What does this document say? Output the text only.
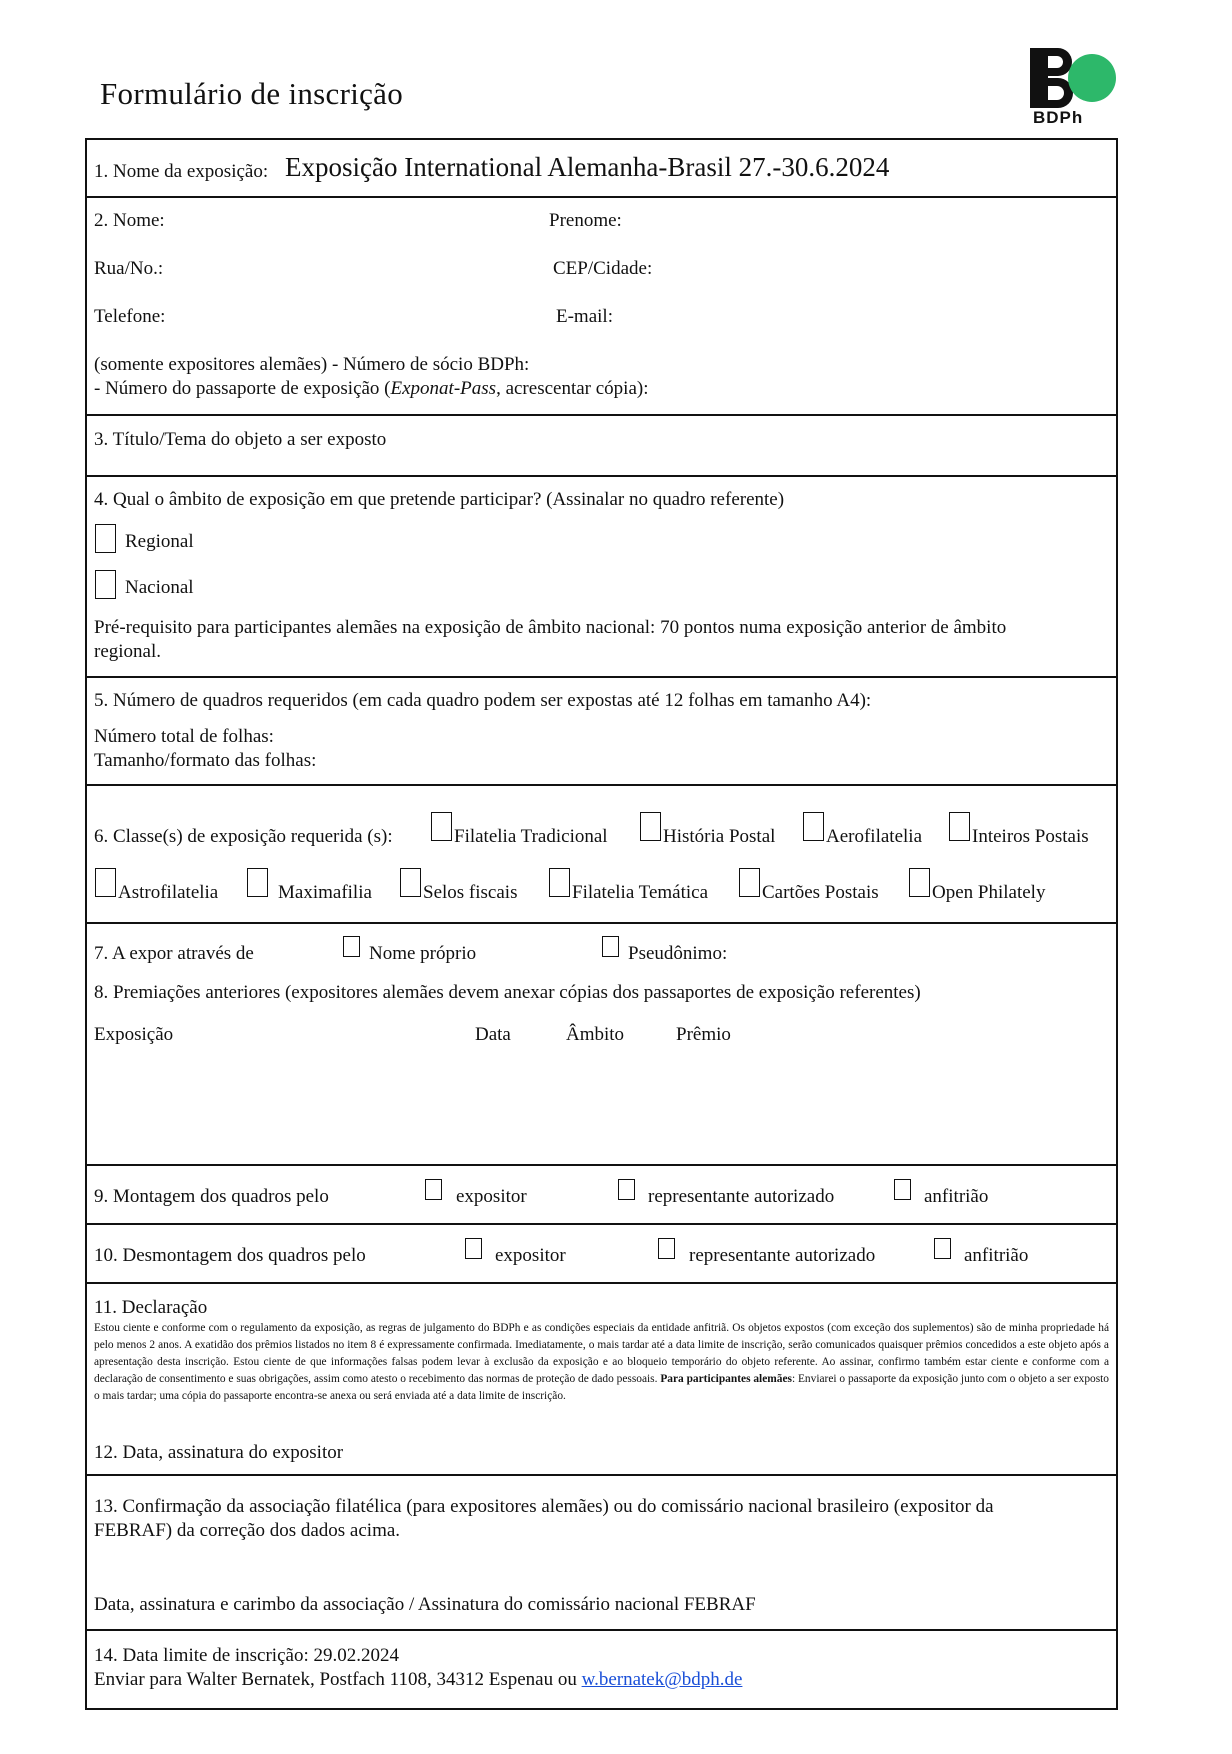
Formulário de inscrição
BDPh
1. Nome da exposição: Exposição International Alemanha-Brasil 27.-30.6.2024
2. Nome:	Prenome:
Rua/No.:	CEP/Cidade:
Telefone:	E-mail:
(somente expositores alemães) - Número de sócio BDPh:
- Número do passaporte de exposição (Exponat-Pass, acrescentar cópia):
3. Título/Tema do objeto a ser exposto
4. Qual o âmbito de exposição em que pretende participar? (Assinalar no quadro referente)
Regional
Nacional
Pré-requisito para participantes alemães na exposição de âmbito nacional: 70 pontos numa exposição anterior de âmbito
regional.
5. Número de quadros requeridos (em cada quadro podem ser expostas até 12 folhas em tamanho A4):
Número total de folhas:
Tamanho/formato das folhas:
6. Classe(s) de exposição requerida (s):	Filatelia Tradicional	História Postal	Aerofilatelia	Inteiros Postais
Astrofilatelia	Maximafilia	Selos fiscais	Filatelia Temática	Cartões Postais	Open Philately
7. A expor através de	Nome próprio	Pseudônimo:
8. Premiações anteriores (expositores alemães devem anexar cópias dos passaportes de exposição referentes)
Exposição	Data	Âmbito	Prêmio
9. Montagem dos quadros pelo	expositor	representante autorizado	anfitrião
10. Desmontagem dos quadros pelo	expositor	representante autorizado	anfitrião
11. Declaração
Estou ciente e conforme com o regulamento da exposição, as regras de julgamento do BDPh e as condições especiais da entidade anfitriã. Os objetos expostos (com exceção dos suplementos) são de minha propriedade há pelo menos 2 anos. A exatidão dos prêmios listados no item 8 é expressamente confirmada. Imediatamente, o mais tardar até a data limite de inscrição, serão comunicados quaisquer prêmios concedidos a este objeto após a apresentação desta inscrição. Estou ciente de que informações falsas podem levar à exclusão da exposição e ao bloqueio temporário do objeto referente. Ao assinar, confirmo também estar ciente e conforme com a declaração de consentimento e suas obrigações, assim como atesto o recebimento das normas de proteção de dado pessoais. Para participantes alemães: Enviarei o passaporte da exposição junto com o objeto a ser exposto o mais tardar; uma cópia do passaporte encontra-se anexa ou será enviada até a data limite de inscrição.
12. Data, assinatura do expositor
13. Confirmação da associação filatélica (para expositores alemães) ou do comissário nacional brasileiro (expositor da
FEBRAF) da correção dos dados acima.
Data, assinatura e carimbo da associação / Assinatura do comissário nacional FEBRAF
14. Data limite de inscrição: 29.02.2024
Enviar para Walter Bernatek, Postfach 1108, 34312 Espenau ou w.bernatek@bdph.de
